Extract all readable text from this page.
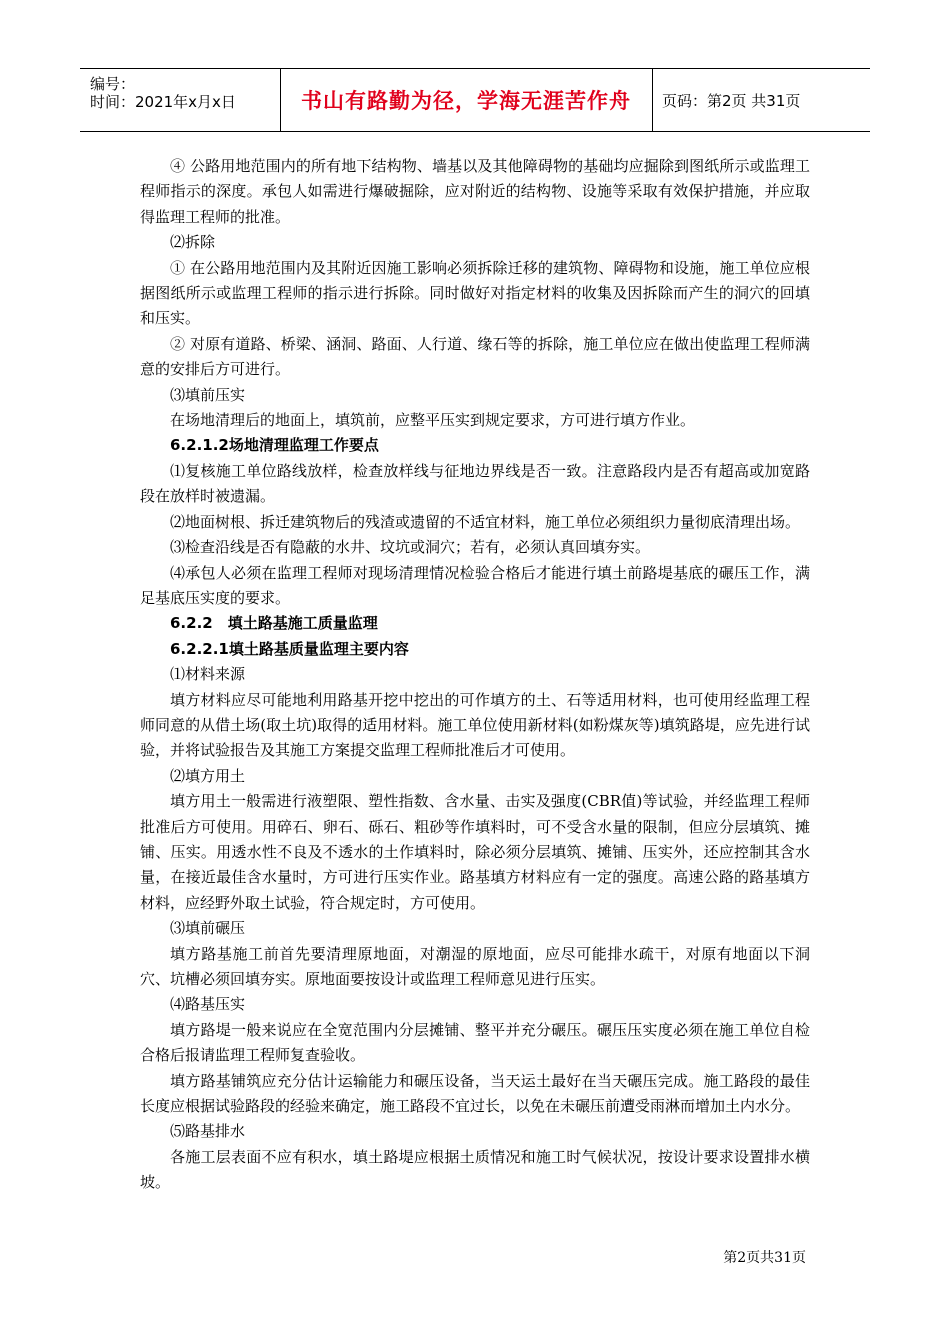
编号：
时间：2021年x月x日	书山有路勤为径，学海无涯苦作舟 页码：第2页 共31页

④ 公路用地范围内的所有地下结构物、墙基以及其他障碍物的基础均应掘除到图纸所示或监理工程师指示的深度。承包人如需进行爆破掘除，应对附近的结构物、设施等采取有效保护措施，并应取得监理工程师的批准。

⑵拆除

① 在公路用地范围内及其附近因施工影响必须拆除迁移的建筑物、障碍物和设施，施工单位应根据图纸所示或监理工程师的指示进行拆除。同时做好对指定材料的收集及因拆除而产生的洞穴的回填和压实。

② 对原有道路、桥梁、涵洞、路面、人行道、缘石等的拆除，施工单位应在做出使监理工程师满意的安排后方可进行。

⑶填前压实

在场地清理后的地面上，填筑前，应整平压实到规定要求，方可进行填方作业。

6.2.1.2场地清理监理工作要点

⑴复核施工单位路线放样，检查放样线与征地边界线是否一致。注意路段内是否有超高或加宽路段在放样时被遗漏。

⑵地面树根、拆迁建筑物后的残渣或遗留的不适宜材料，施工单位必须组织力量彻底清理出场。

⑶检查沿线是否有隐蔽的水井、坟坑或洞穴；若有，必须认真回填夯实。

⑷承包人必须在监理工程师对现场清理情况检验合格后才能进行填土前路堤基底的碾压工作，满足基底压实度的要求。

6.2.2　填土路基施工质量监理

6.2.2.1填土路基质量监理主要内容

⑴材料来源

填方材料应尽可能地利用路基开挖中挖出的可作填方的土、石等适用材料，也可使用经监理工程师同意的从借土场(取土坑)取得的适用材料。施工单位使用新材料(如粉煤灰等)填筑路堤，应先进行试验，并将试验报告及其施工方案提交监理工程师批准后才可使用。

⑵填方用土

填方用土一般需进行液塑限、塑性指数、含水量、击实及强度(CBR值)等试验，并经监理工程师批准后方可使用。用碎石、卵石、砾石、粗砂等作填料时，可不受含水量的限制，但应分层填筑、摊铺、压实。用透水性不良及不透水的土作填料时，除必须分层填筑、摊铺、压实外，还应控制其含水量，在接近最佳含水量时，方可进行压实作业。路基填方材料应有一定的强度。高速公路的路基填方材料，应经野外取土试验，符合规定时，方可使用。

⑶填前碾压

填方路基施工前首先要清理原地面，对潮湿的原地面，应尽可能排水疏干，对原有地面以下洞穴、坑槽必须回填夯实。原地面要按设计或监理工程师意见进行压实。

⑷路基压实

填方路堤一般来说应在全宽范围内分层摊铺、整平并充分碾压。碾压压实度必须在施工单位自检合格后报请监理工程师复查验收。

填方路基铺筑应充分估计运输能力和碾压设备，当天运土最好在当天碾压完成。施工路段的最佳长度应根据试验路段的经验来确定，施工路段不宜过长，以免在未碾压前遭受雨淋而增加土内水分。

⑸路基排水

各施工层表面不应有积水，填土路堤应根据土质情况和施工时气候状况，按设计要求设置排水横坡。

第2页共31页
